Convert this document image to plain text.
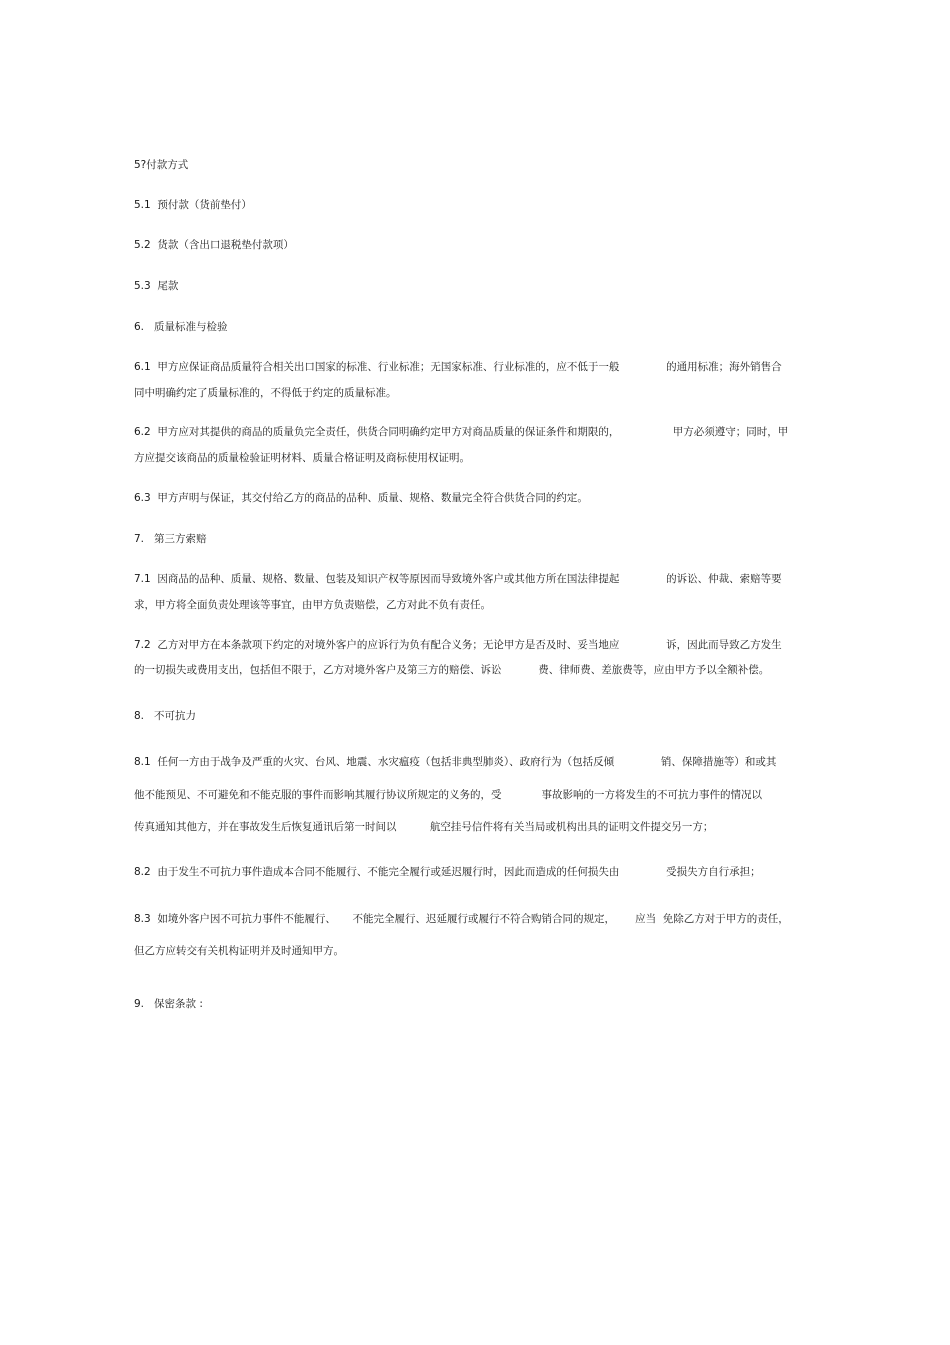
5?付款方式

5.1  预付款（货前垫付）

5.2  货款（含出口退税垫付款项）

5.3  尾款

6.   质量标准与检验

6.1  甲方应保证商品质量符合相关出口国家的标准、行业标准；无国家标准、行业标准的，应不低于一般              的通用标准；海外销售合

同中明确约定了质量标准的，不得低于约定的质量标准。

6.2  甲方应对其提供的商品的质量负完全责任，供货合同明确约定甲方对商品质量的保证条件和期限的，                甲方必须遵守；同时，甲

方应提交该商品的质量检验证明材料、质量合格证明及商标使用权证明。

6.3  甲方声明与保证，其交付给乙方的商品的品种、质量、规格、数量完全符合供货合同的约定。

7.   第三方索赔

7.1  因商品的品种、质量、规格、数量、包装及知识产权等原因而导致境外客户或其他方所在国法律提起              的诉讼、仲裁、索赔等要

求，甲方将全面负责处理该等事宜，由甲方负责赔偿，乙方对此不负有责任。

7.2  乙方对甲方在本条款项下约定的对境外客户的应诉行为负有配合义务；无论甲方是否及时、妥当地应              诉，因此而导致乙方发生

的一切损失或费用支出，包括但不限于，乙方对境外客户及第三方的赔偿、诉讼           费、律师费、差旅费等，应由甲方予以全额补偿。

8.   不可抗力

8.1  任何一方由于战争及严重的火灾、台风、地震、水灾瘟疫（包括非典型肺炎）、政府行为（包括反倾              销、保障措施等）和或其

他不能预见、不可避免和不能克服的事件而影响其履行协议所规定的义务的，受            事故影响的一方将发生的不可抗力事件的情况以

传真通知其他方，并在事故发生后恢复通讯后第一时间以          航空挂号信件将有关当局或机构出具的证明文件提交另一方；

8.2  由于发生不可抗力事件造成本合同不能履行、不能完全履行或延迟履行时，因此而造成的任何损失由              受损失方自行承担；

8.3  如境外客户因不可抗力事件不能履行、     不能完全履行、迟延履行或履行不符合购销合同的规定，      应当  免除乙方对于甲方的责任，

但乙方应转交有关机构证明并及时通知甲方。

9.   保密条款 :
